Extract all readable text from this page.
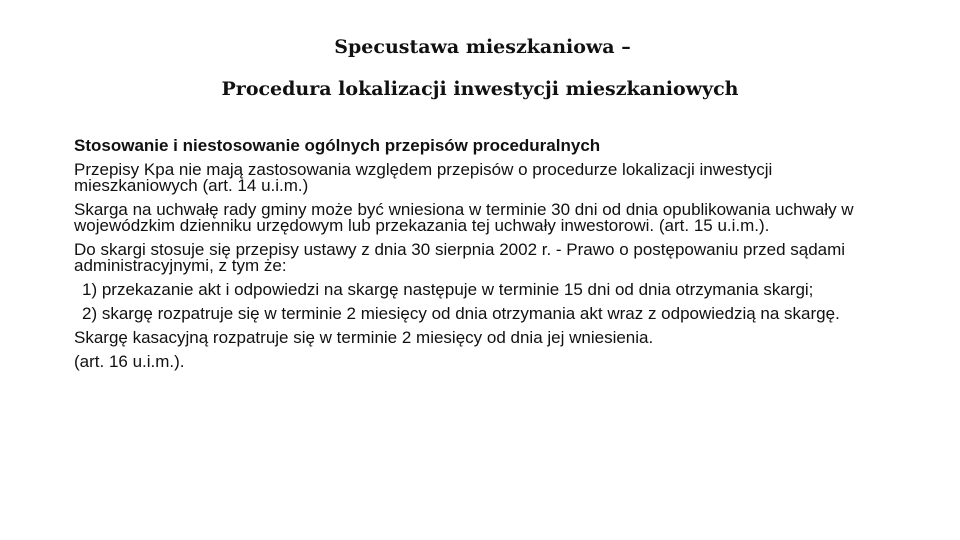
Specustawa mieszkaniowa –
Procedura lokalizacji inwestycji mieszkaniowych

Stosowanie i niestosowanie ogólnych przepisów proceduralnych

Przepisy Kpa nie mają zastosowania względem przepisów o procedurze lokalizacji inwestycji mieszkaniowych (art. 14 u.i.m.)

Skarga na uchwałę rady gminy może być wniesiona w terminie 30 dni od dnia opublikowania uchwały w wojewódzkim dzienniku urzędowym lub przekazania tej uchwały inwestorowi. (art. 15 u.i.m.).

Do skargi stosuje się przepisy ustawy z dnia 30 sierpnia 2002 r. - Prawo o postępowaniu przed sądami administracyjnymi, z tym że:

1) przekazanie akt i odpowiedzi na skargę następuje w terminie 15 dni od dnia otrzymania skargi;

2) skargę rozpatruje się w terminie 2 miesięcy od dnia otrzymania akt wraz z odpowiedzią na skargę.

Skargę kasacyjną rozpatruje się w terminie 2 miesięcy od dnia jej wniesienia.

(art. 16 u.i.m.).
